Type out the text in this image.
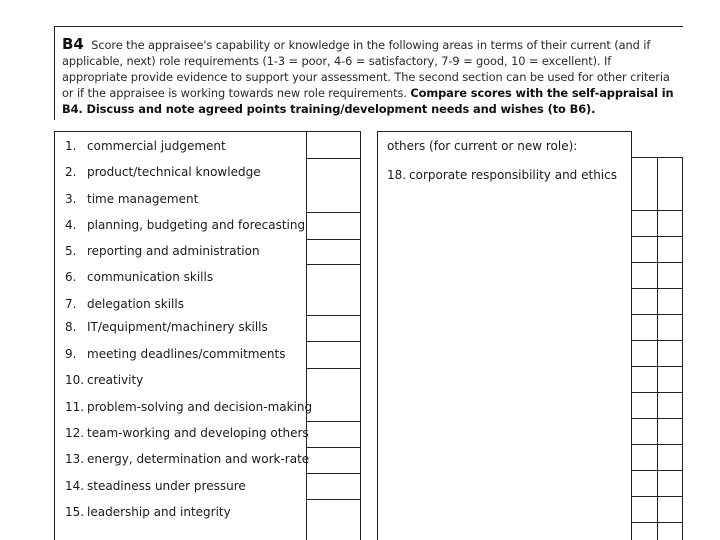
B4 Score the appraisee's capability or knowledge in the following areas in terms of their current (and if applicable, next) role requirements (1-3 = poor, 4-6 = satisfactory, 7-9 = good, 10 = excellent). If appropriate provide evidence to support your assessment. The second section can be used for other criteria or if the appraisee is working towards new role requirements. Compare scores with the self-appraisal in B4. Discuss and note agreed points training/development needs and wishes (to B6).
1. commercial judgement
2. product/technical knowledge
3. time management
4. planning, budgeting and forecasting
5. reporting and administration
6. communication skills
7. delegation skills
8. IT/equipment/machinery skills
9. meeting deadlines/commitments
10. creativity
11. problem-solving and decision-making
12. team-working and developing others
13. energy, determination and work-rate
14. steadiness under pressure
15. leadership and integrity
others (for current or new role):
18. corporate responsibility and ethics
